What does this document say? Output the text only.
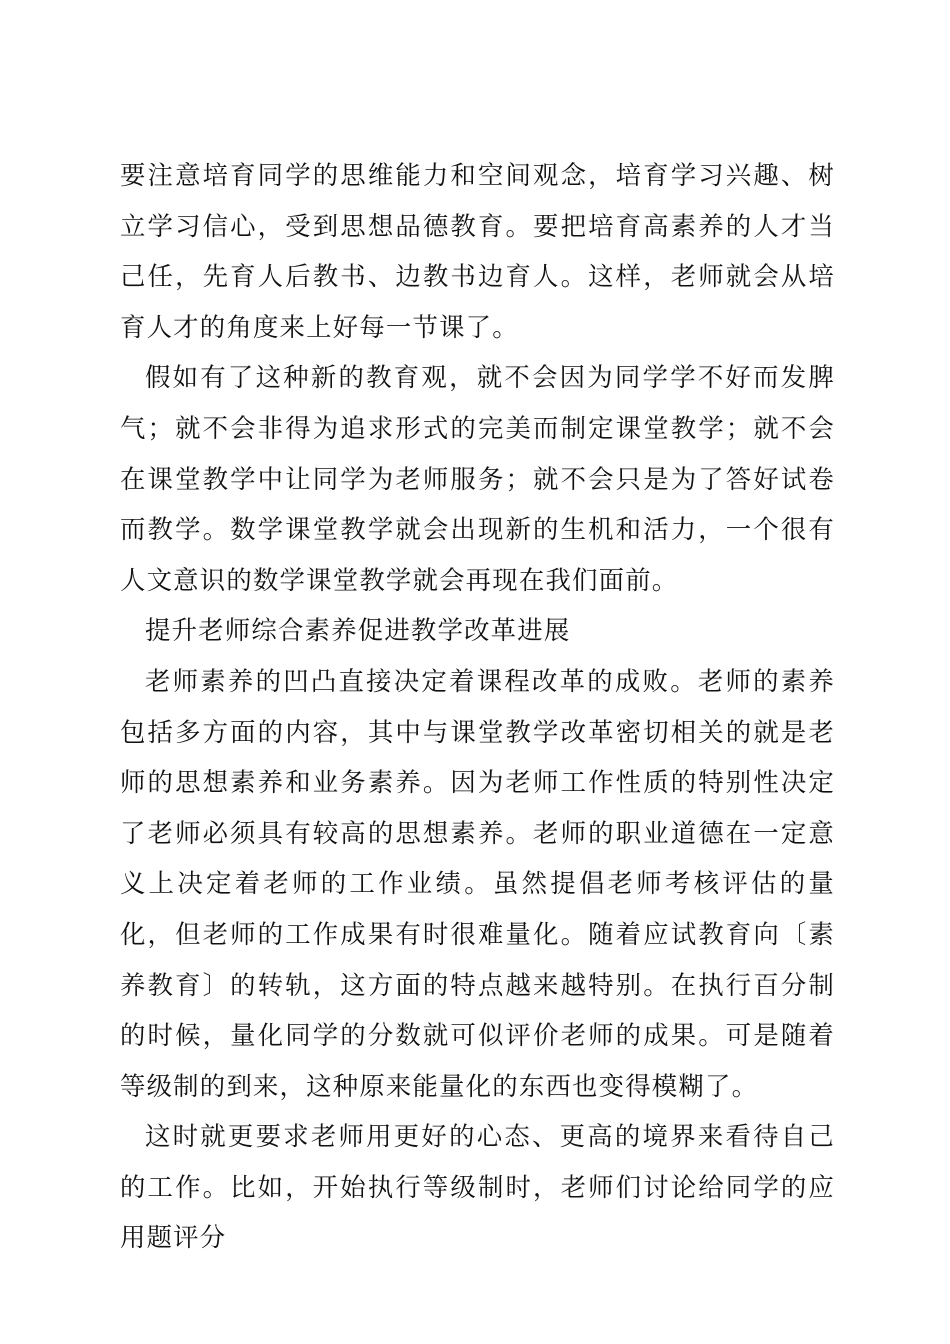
要注意培育同学的思维能力和空间观念，培育学习兴趣、树立学习信心，受到思想品德教育。要把培育高素养的人才当己任，先育人后教书、边教书边育人。这样，老师就会从培育人才的角度来上好每一节课了。

假如有了这种新的教育观，就不会因为同学学不好而发脾气；就不会非得为追求形式的完美而制定课堂教学；就不会在课堂教学中让同学为老师服务；就不会只是为了答好试卷而教学。数学课堂教学就会出现新的生机和活力，一个很有人文意识的数学课堂教学就会再现在我们面前。

提升老师综合素养促进教学改革进展

老师素养的凹凸直接决定着课程改革的成败。老师的素养包括多方面的内容，其中与课堂教学改革密切相关的就是老师的思想素养和业务素养。因为老师工作性质的特别性决定了老师必须具有较高的思想素养。老师的职业道德在一定意义上决定着老师的工作业绩。虽然提倡老师考核评估的量化，但老师的工作成果有时很难量化。随着应试教育向〔素养教育〕的转轨，这方面的特点越来越特别。在执行百分制的时候，量化同学的分数就可似评价老师的成果。可是随着等级制的到来，这种原来能量化的东西也变得模糊了。

这时就更要求老师用更好的心态、更高的境界来看待自己的工作。比如，开始执行等级制时，老师们讨论给同学的应用题评分
